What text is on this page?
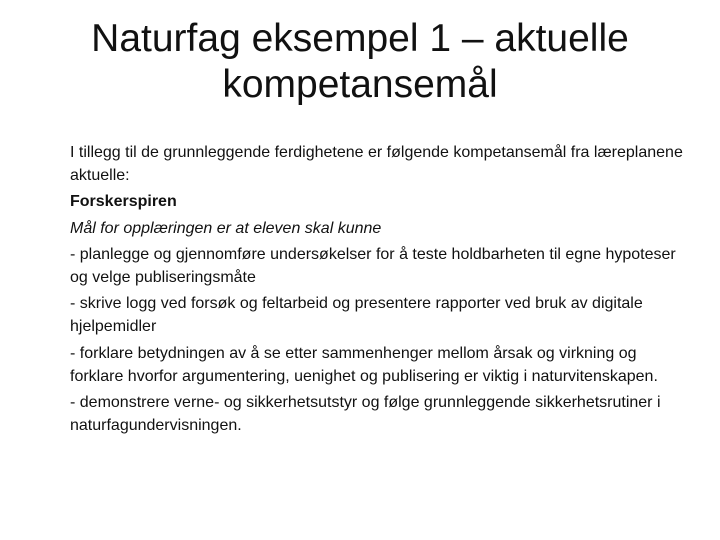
Naturfag eksempel 1 – aktuelle
kompetansemål

I tillegg til de grunnleggende ferdighetene er følgende kompetansemål fra læreplanene aktuelle:

Forskerspiren

Mål for opplæringen er at eleven skal kunne

- planlegge og gjennomføre undersøkelser for å teste holdbarheten til egne hypoteser og velge publiseringsmåte

- skrive logg ved forsøk og feltarbeid og presentere rapporter ved bruk av digitale hjelpemidler

- forklare betydningen av å se etter sammenhenger mellom årsak og virkning og forklare hvorfor argumentering, uenighet og publisering er viktig i naturvitenskapen.

- demonstrere verne- og sikkerhetsutstyr og følge grunnleggende sikkerhetsrutiner i naturfagundervisningen.
